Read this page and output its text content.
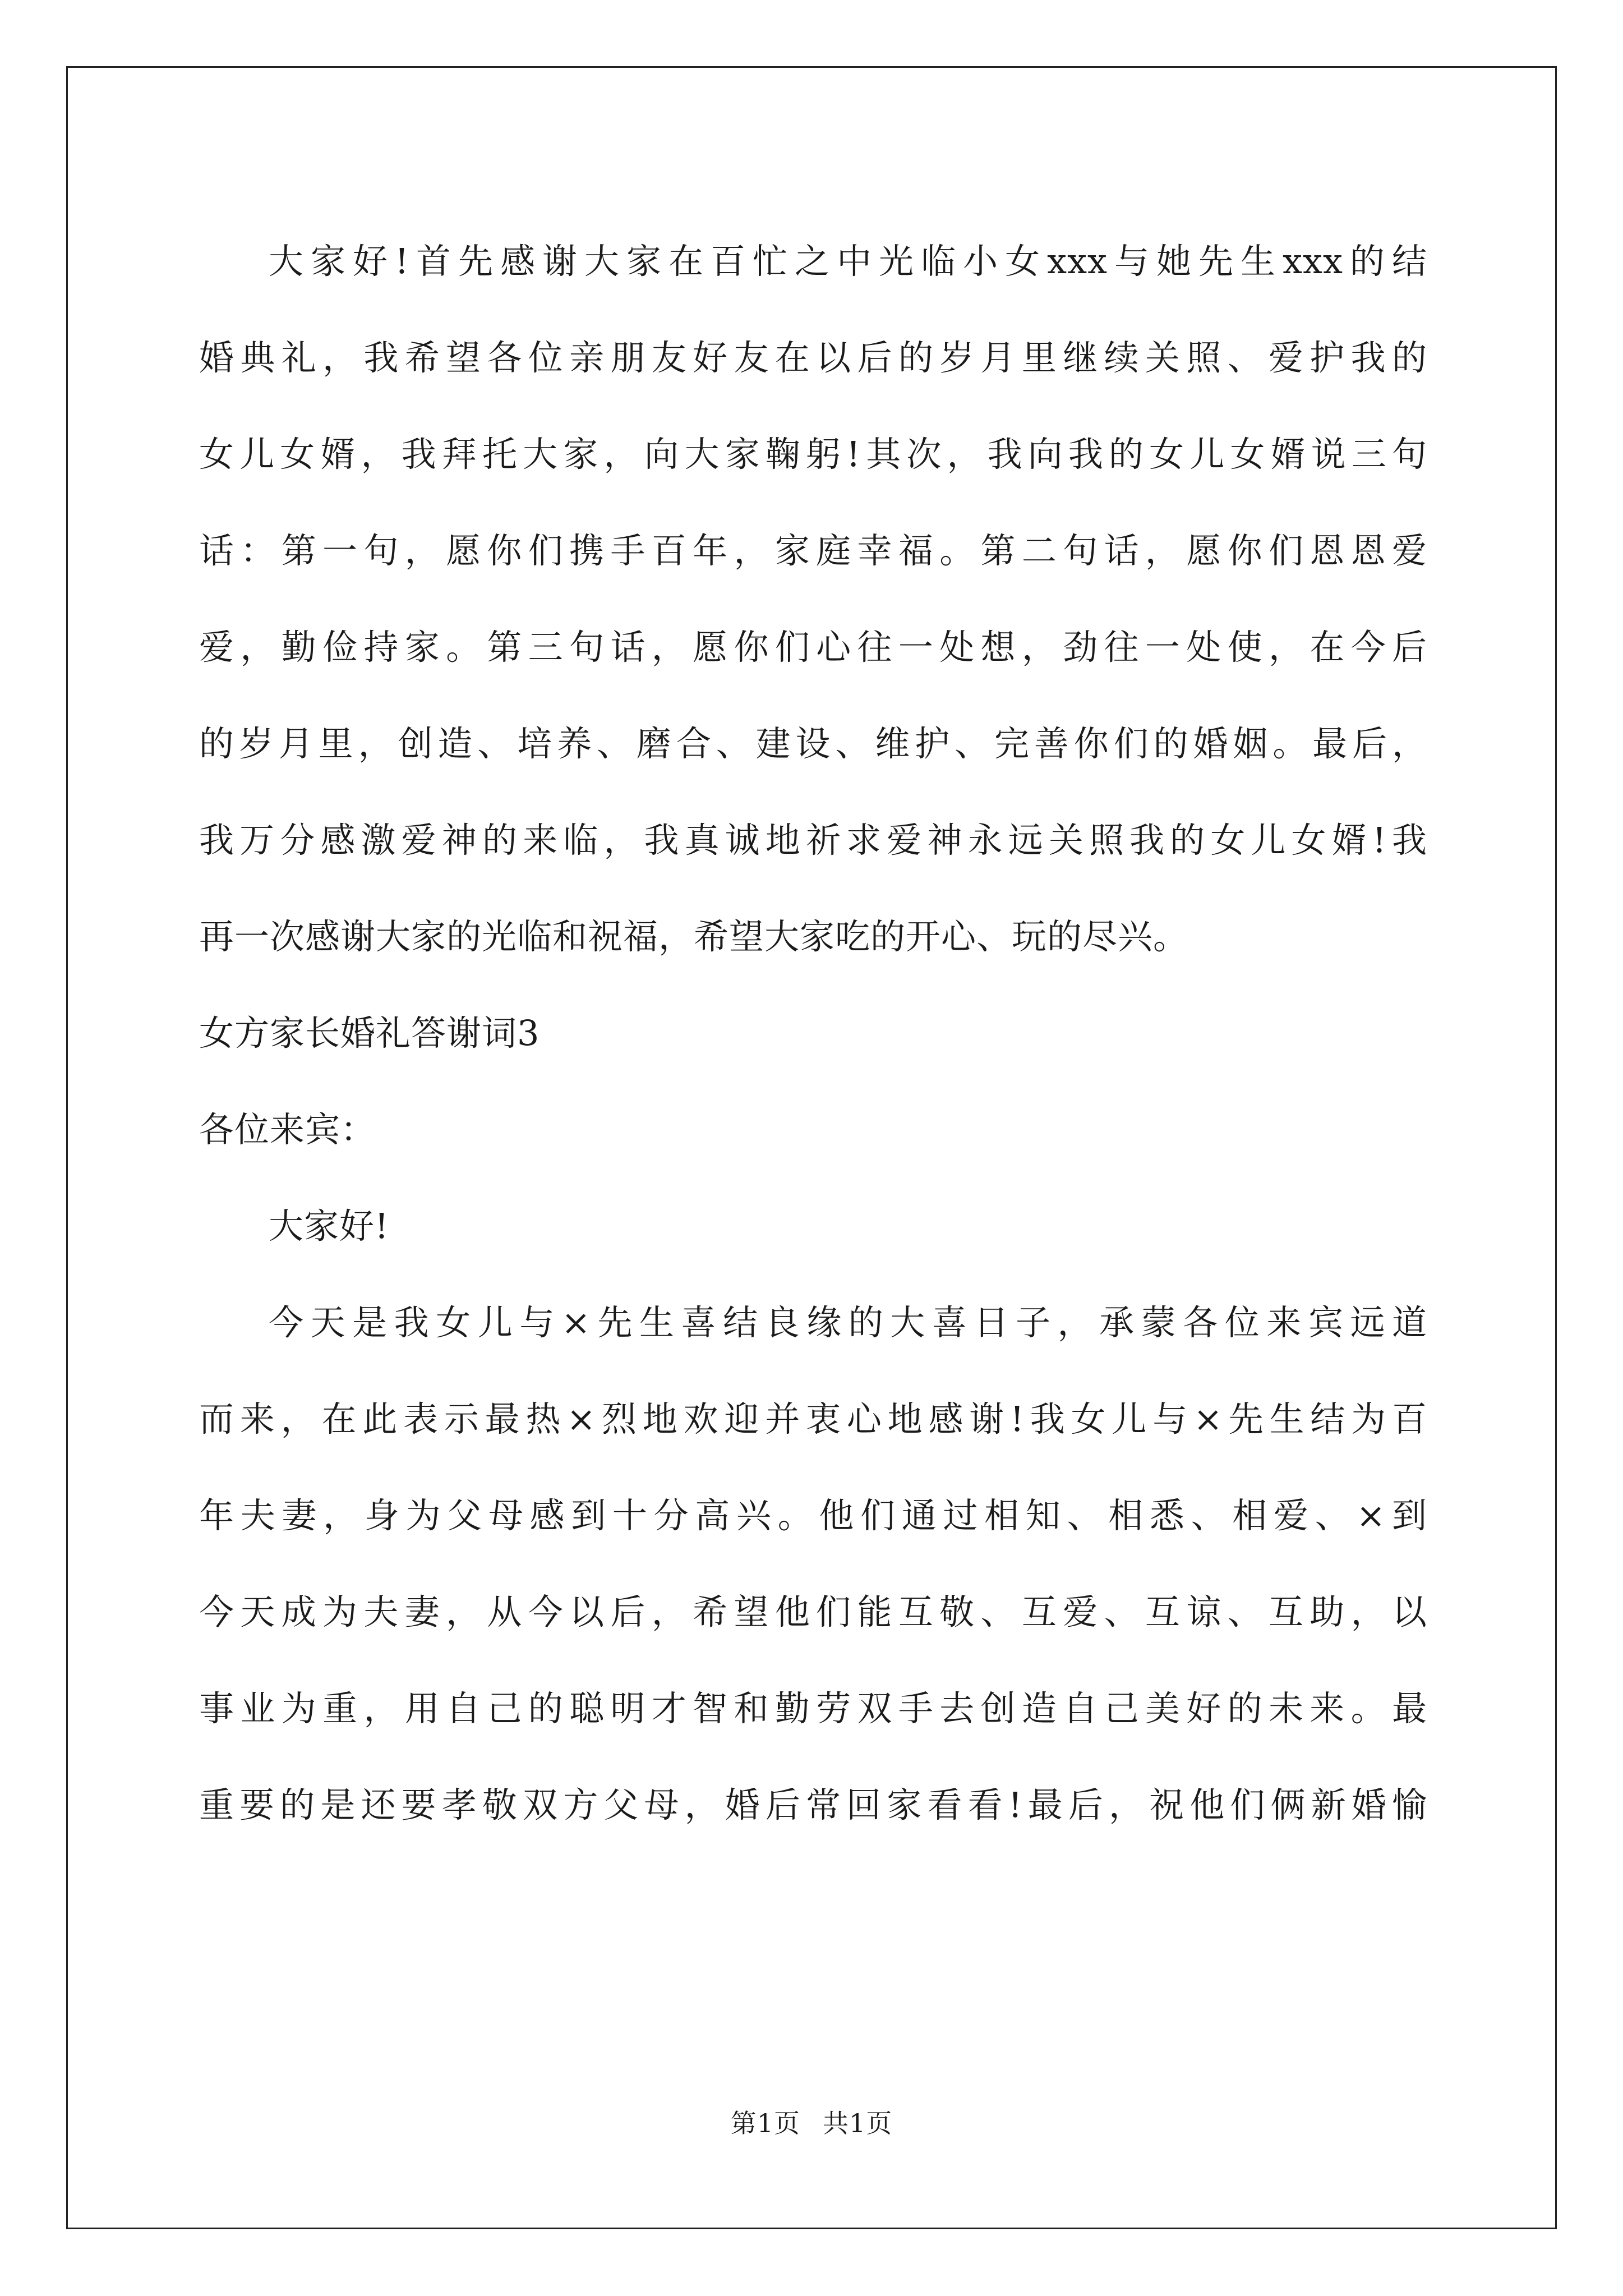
大家好!首先感谢大家在百忙之中光临小女xxx与她先生xxx的结
婚典礼，我希望各位亲朋友好友在以后的岁月里继续关照、爱护我的
女儿女婿，我拜托大家，向大家鞠躬!其次，我向我的女儿女婿说三句
话：第一句，愿你们携手百年，家庭幸福。第二句话，愿你们恩恩爱
爱，勤俭持家。第三句话，愿你们心往一处想，劲往一处使，在今后
的岁月里，创造、培养、磨合、建设、维护、完善你们的婚姻。最后，
我万分感激爱神的来临，我真诚地祈求爱神永远关照我的女儿女婿!我
再一次感谢大家的光临和祝福，希望大家吃的开心、玩的尽兴。
女方家长婚礼答谢词3
各位来宾：
大家好!
今天是我女儿与×先生喜结良缘的大喜日子，承蒙各位来宾远道
而来，在此表示最热×烈地欢迎并衷心地感谢!我女儿与×先生结为百
年夫妻，身为父母感到十分高兴。他们通过相知、相悉、相爱、×到
今天成为夫妻，从今以后，希望他们能互敬、互爱、互谅、互助，以
事业为重，用自己的聪明才智和勤劳双手去创造自己美好的未来。最
重要的是还要孝敬双方父母，婚后常回家看看!最后，祝他们俩新婚愉
第1页 共1页
